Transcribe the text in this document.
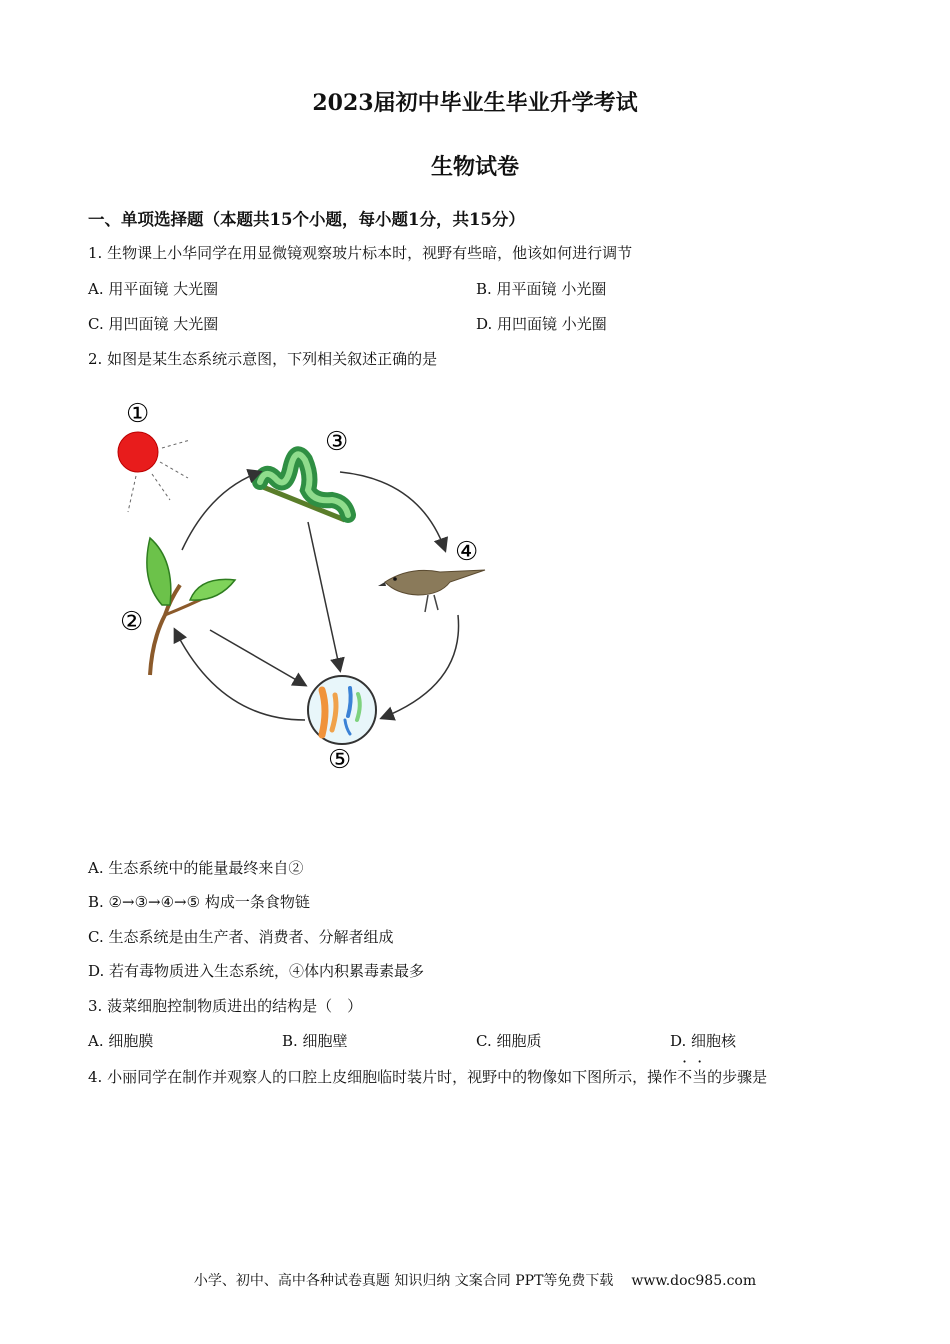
2023届初中毕业生毕业升学考试
生物试卷
一、单项选择题（本题共15个小题，每小题1分，共15分）
1. 生物课上小华同学在用显微镜观察玻片标本时，视野有些暗，他该如何进行调节
A. 用平面镜 大光圈	B. 用平面镜 小光圈
C. 用凹面镜 大光圈	D. 用凹面镜 小光圈
2. 如图是某生态系统示意图，下列相关叙述正确的是
①
②
③
④
⑤
A. 生态系统中的能量最终来自②
B. ②→③→④→⑤ 构成一条食物链
C. 生态系统是由生产者、消费者、分解者组成
D. 若有毒物质进入生态系统，④体内积累毒素最多
3. 菠菜细胞控制物质进出的结构是（　）
A. 细胞膜	B. 细胞壁	C. 细胞质	D. 细胞核
4. 小丽同学在制作并观察人的口腔上皮细胞临时装片时，视野中的物像如下图所示，操作不当的步骤是
小学、初中、高中各种试卷真题 知识归纳 文案合同 PPT等免费下载 www.doc985.com
